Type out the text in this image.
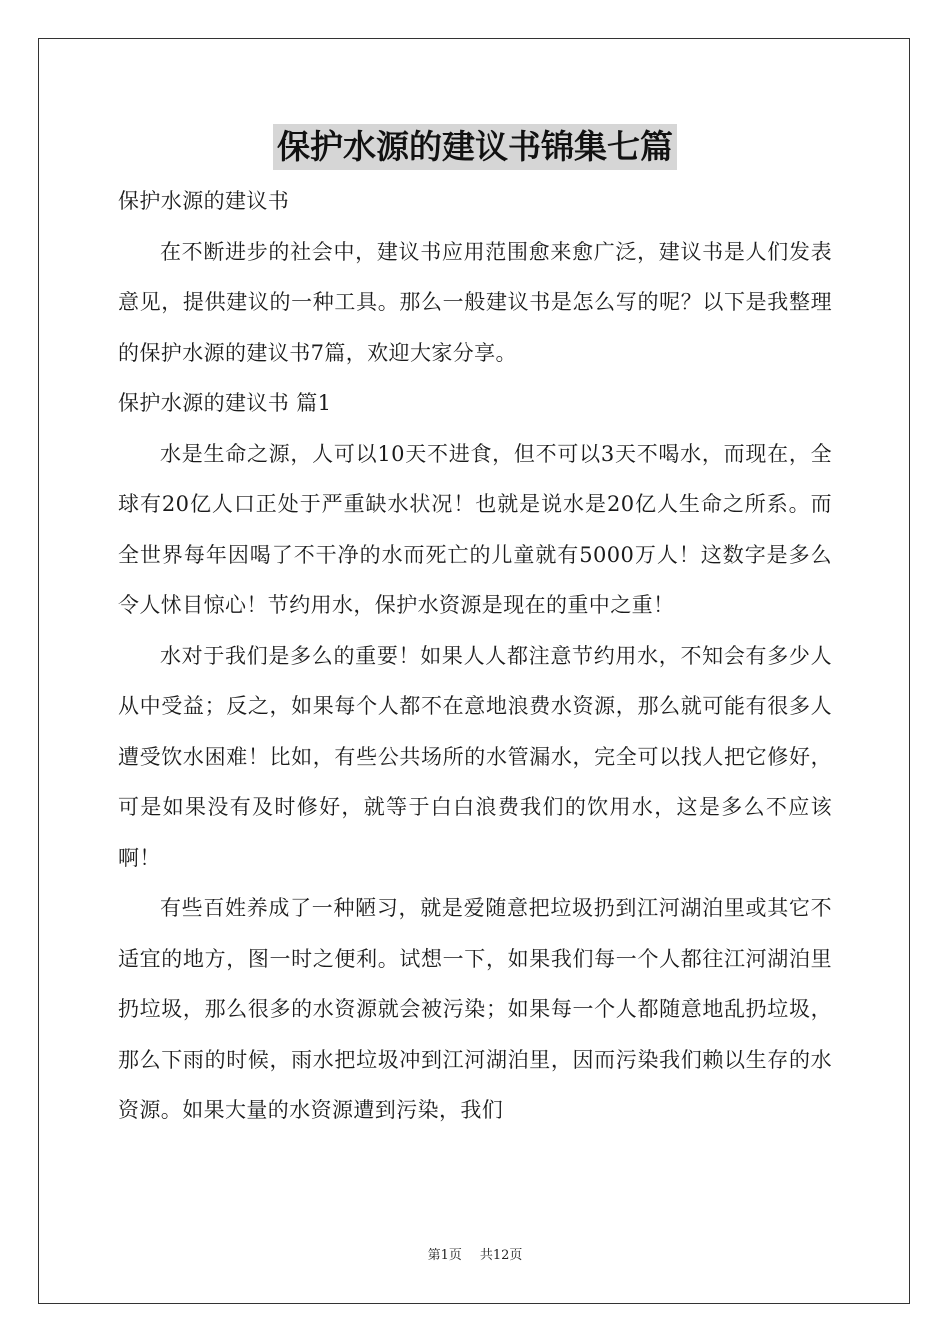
保护水源的建议书锦集七篇

保护水源的建议书

在不断进步的社会中，建议书应用范围愈来愈广泛，建议书是人们发表意见，提供建议的一种工具。那么一般建议书是怎么写的呢？以下是我整理的保护水源的建议书7篇，欢迎大家分享。

保护水源的建议书 篇1

水是生命之源，人可以10天不进食，但不可以3天不喝水，而现在，全球有20亿人口正处于严重缺水状况！也就是说水是20亿人生命之所系。而全世界每年因喝了不干净的水而死亡的儿童就有5000万人！这数字是多么令人怵目惊心！节约用水，保护水资源是现在的重中之重！

水对于我们是多么的重要！如果人人都注意节约用水，不知会有多少人从中受益；反之，如果每个人都不在意地浪费水资源，那么就可能有很多人遭受饮水困难！比如，有些公共场所的水管漏水，完全可以找人把它修好，可是如果没有及时修好，就等于白白浪费我们的饮用水，这是多么不应该啊！

有些百姓养成了一种陋习，就是爱随意把垃圾扔到江河湖泊里或其它不适宜的地方，图一时之便利。试想一下，如果我们每一个人都往江河湖泊里扔垃圾，那么很多的水资源就会被污染；如果每一个人都随意地乱扔垃圾，那么下雨的时候，雨水把垃圾冲到江河湖泊里，因而污染我们赖以生存的水资源。如果大量的水资源遭到污染，我们

第1页 共12页
